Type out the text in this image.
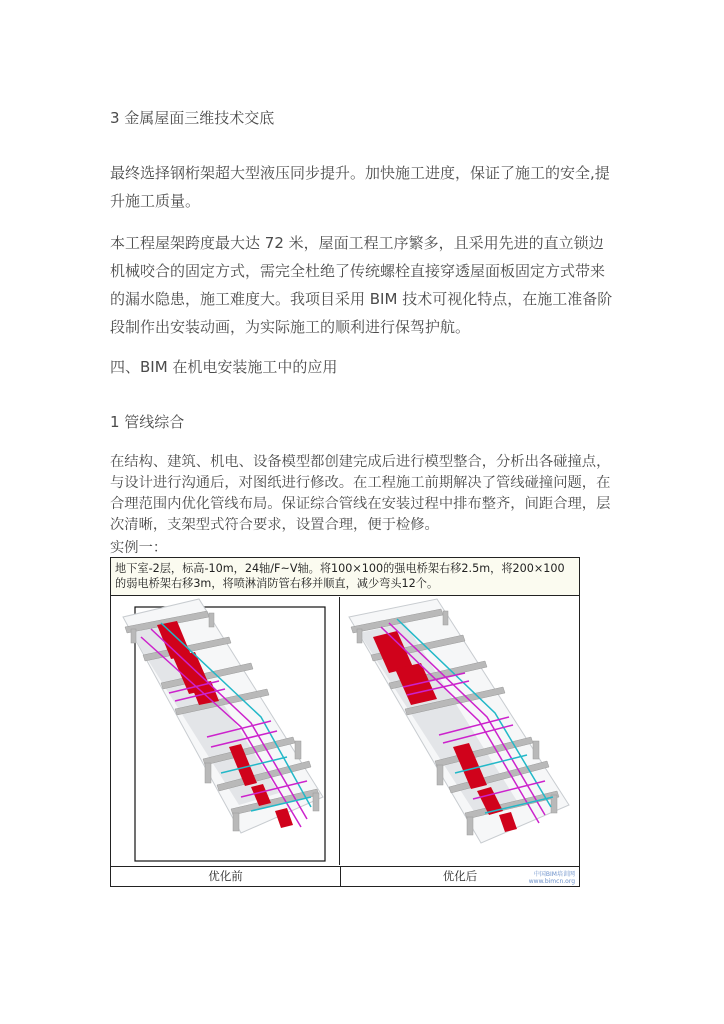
3 金属屋面三维技术交底

最终选择钢桁架超大型液压同步提升。加快施工进度，保证了施工的安全,提升施工质量。

本工程屋架跨度最大达 72 米，屋面工程工序繁多，且采用先进的直立锁边机械咬合的固定方式，需完全杜绝了传统螺栓直接穿透屋面板固定方式带来的漏水隐患，施工难度大。我项目采用 BIM 技术可视化特点，在施工准备阶段制作出安装动画，为实际施工的顺利进行保驾护航。

四、BIM 在机电安装施工中的应用
1 管线综合

在结构、建筑、机电、设备模型都创建完成后进行模型整合，分析出各碰撞点，与设计进行沟通后，对图纸进行修改。在工程施工前期解决了管线碰撞问题，在合理范围内优化管线布局。保证综合管线在安装过程中排布整齐，间距合理，层次清晰，支架型式符合要求，设置合理，便于检修。

实例一：
地下室-2层，标高-10m，24轴/F~V轴。将100×100的强电桥架右移2.5m，将200×100的弱电桥架右移3m，将喷淋消防管右移并顺直，减少弯头12个。
优化前	优化后	中国BIM培训网
www.bimcn.org
